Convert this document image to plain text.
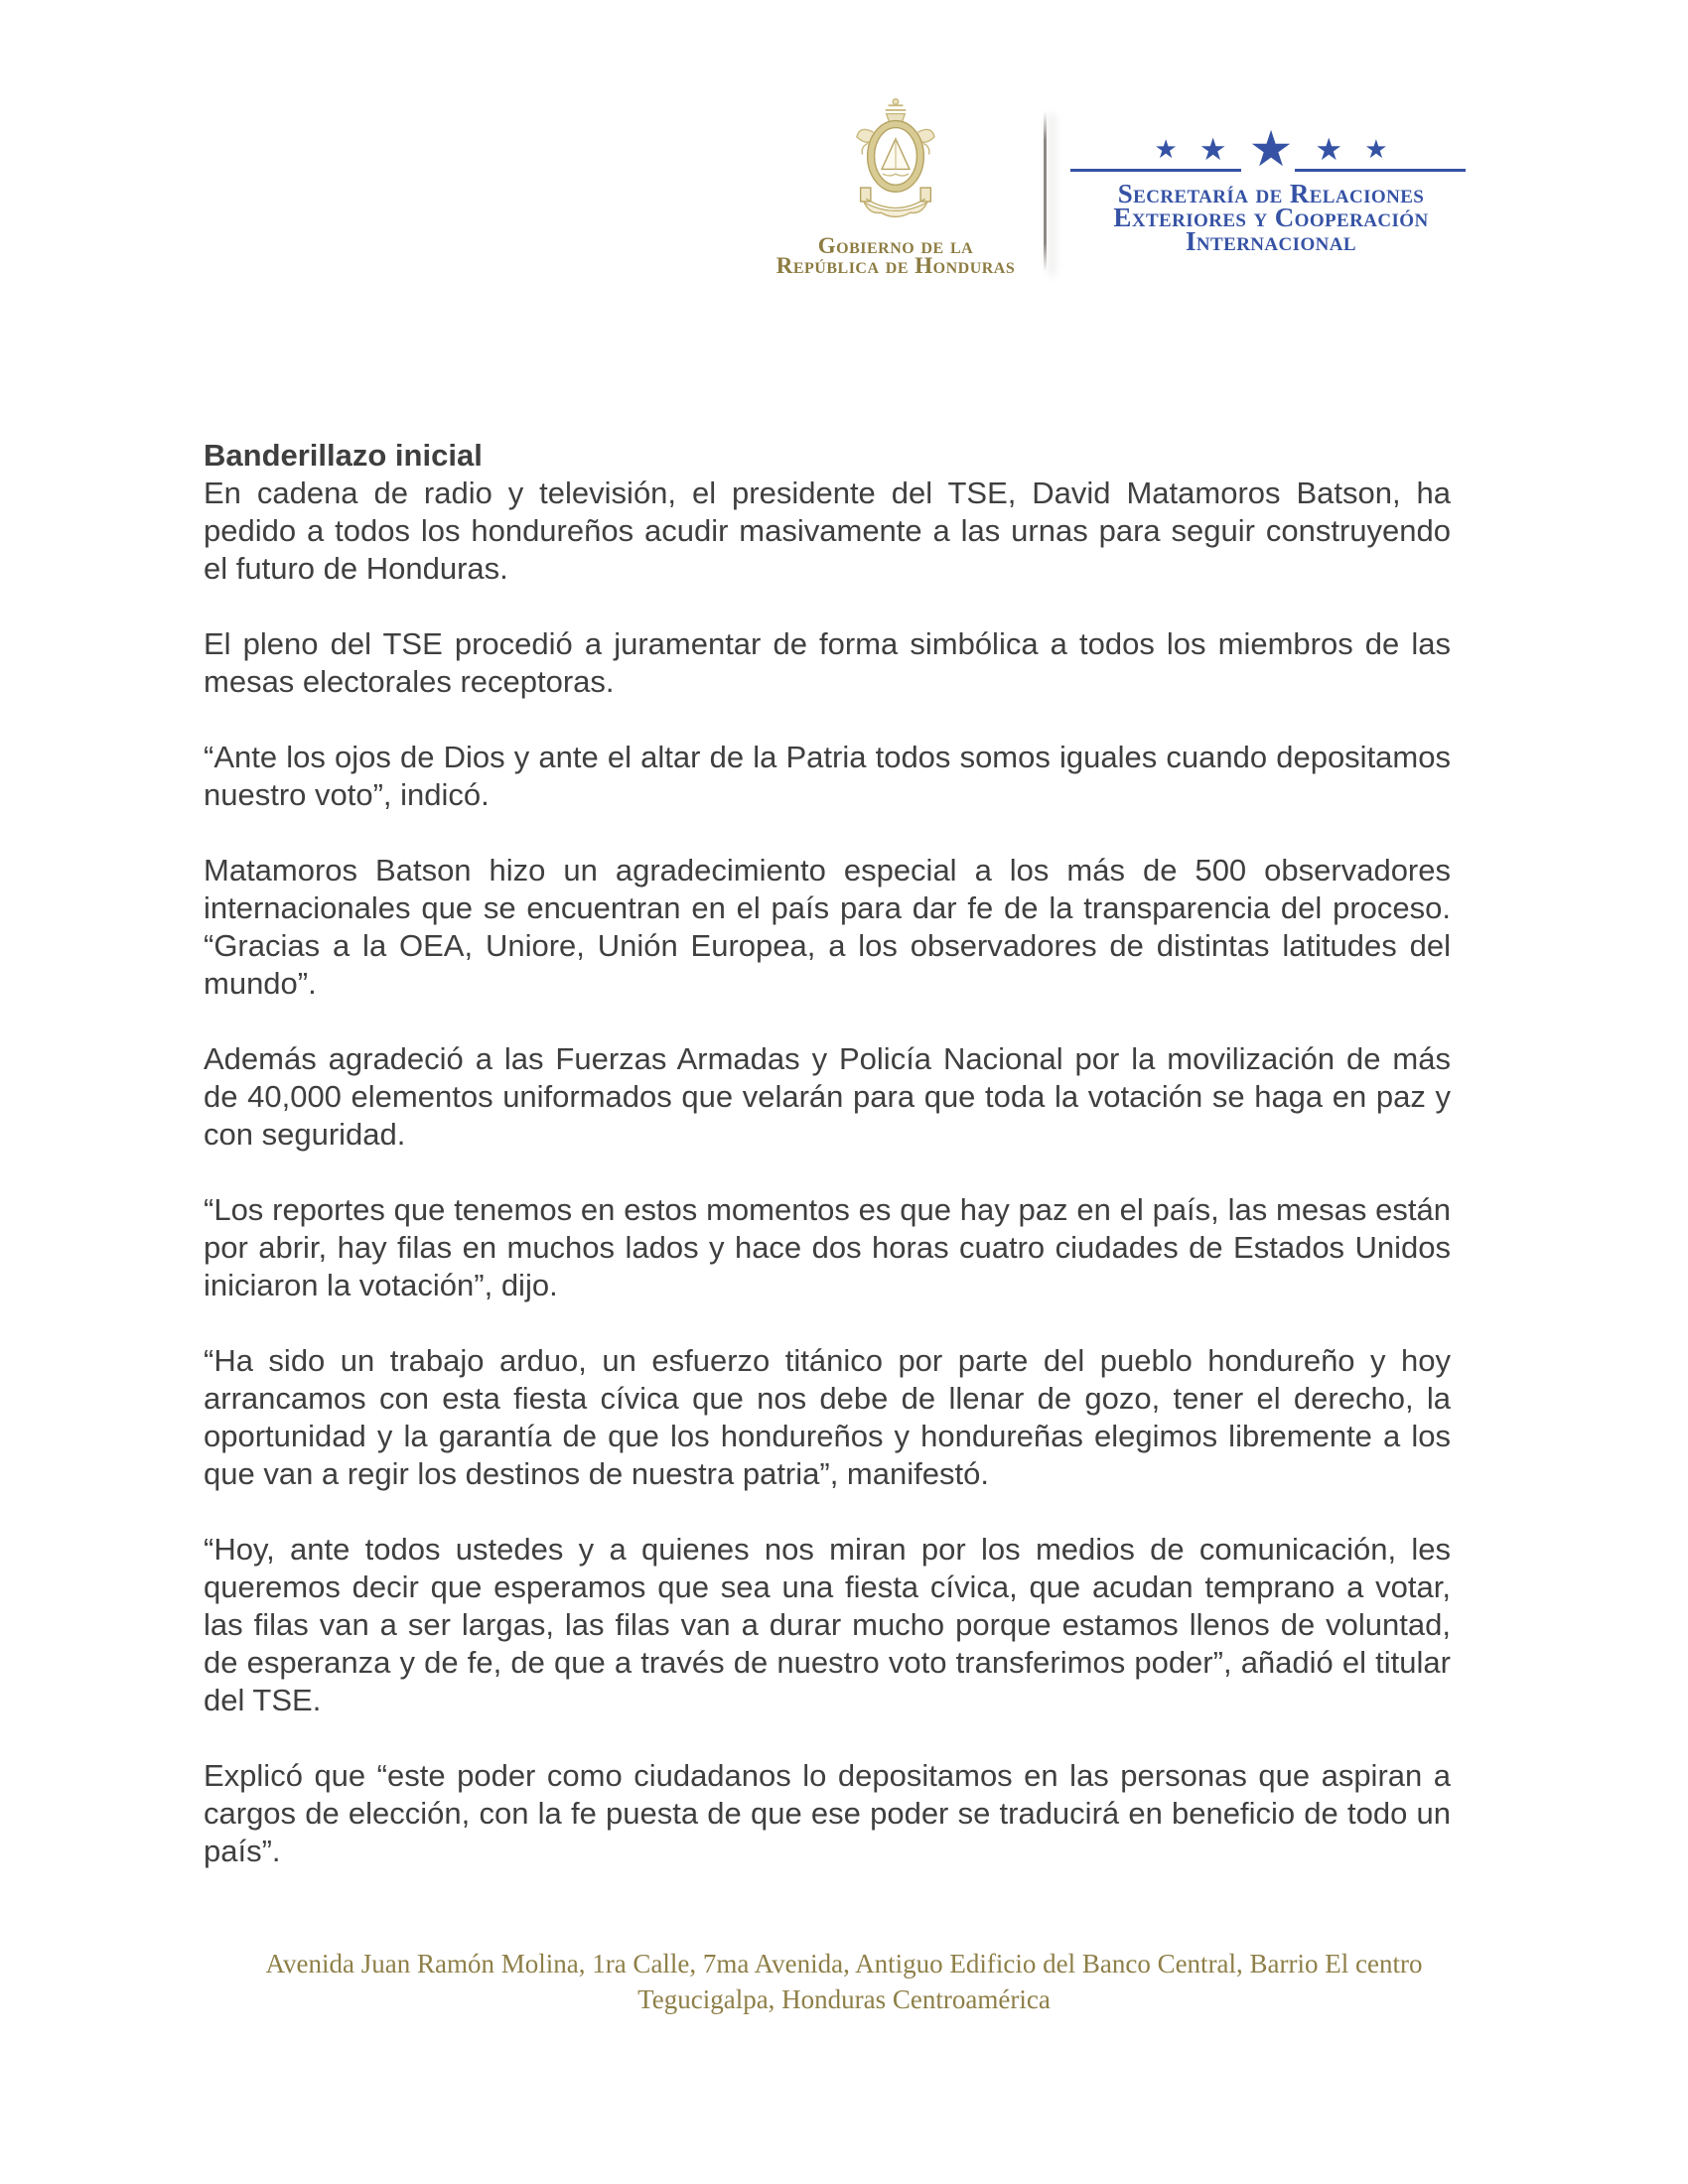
Gobierno de la
República de Honduras
★ ★ ★ ★ ★
Secretaría de Relaciones
Exteriores y Cooperación
Internacional
Banderillazo inicial
En cadena de radio y televisión, el presidente del TSE, David Matamoros Batson, ha pedido a todos los hondureños acudir masivamente a las urnas para seguir construyendo el futuro de Honduras.

El pleno del TSE procedió a juramentar de forma simbólica a todos los miembros de las mesas electorales receptoras.

“Ante los ojos de Dios y ante el altar de la Patria todos somos iguales cuando depositamos nuestro voto”, indicó.

Matamoros Batson hizo un agradecimiento especial a los más de 500 observadores internacionales que se encuentran en el país para dar fe de la transparencia del proceso. “Gracias a la OEA, Uniore, Unión Europea, a los observadores de distintas latitudes del mundo”.

Además agradeció a las Fuerzas Armadas y Policía Nacional por la movilización de más de 40,000 elementos uniformados que velarán para que toda la votación se haga en paz y con seguridad.

“Los reportes que tenemos en estos momentos es que hay paz en el país, las mesas están por abrir, hay filas en muchos lados y hace dos horas cuatro ciudades de Estados Unidos iniciaron la votación”, dijo.

“Ha sido un trabajo arduo, un esfuerzo titánico por parte del pueblo hondureño y hoy arrancamos con esta fiesta cívica que nos debe de llenar de gozo, tener el derecho, la oportunidad y la garantía de que los hondureños y hondureñas elegimos libremente a los que van a regir los destinos de nuestra patria”, manifestó.

“Hoy, ante todos ustedes y a quienes nos miran por los medios de comunicación, les queremos decir que esperamos que sea una fiesta cívica, que acudan temprano a votar, las filas van a ser largas, las filas van a durar mucho porque estamos llenos de voluntad, de esperanza y de fe, de que a través de nuestro voto transferimos poder”, añadió el titular del TSE.

Explicó que “este poder como ciudadanos lo depositamos en las personas que aspiran a cargos de elección, con la fe puesta de que ese poder se traducirá en beneficio de todo un país”.

Avenida Juan Ramón Molina, 1ra Calle, 7ma Avenida, Antiguo Edificio del Banco Central, Barrio El centro
Tegucigalpa, Honduras Centroamérica
